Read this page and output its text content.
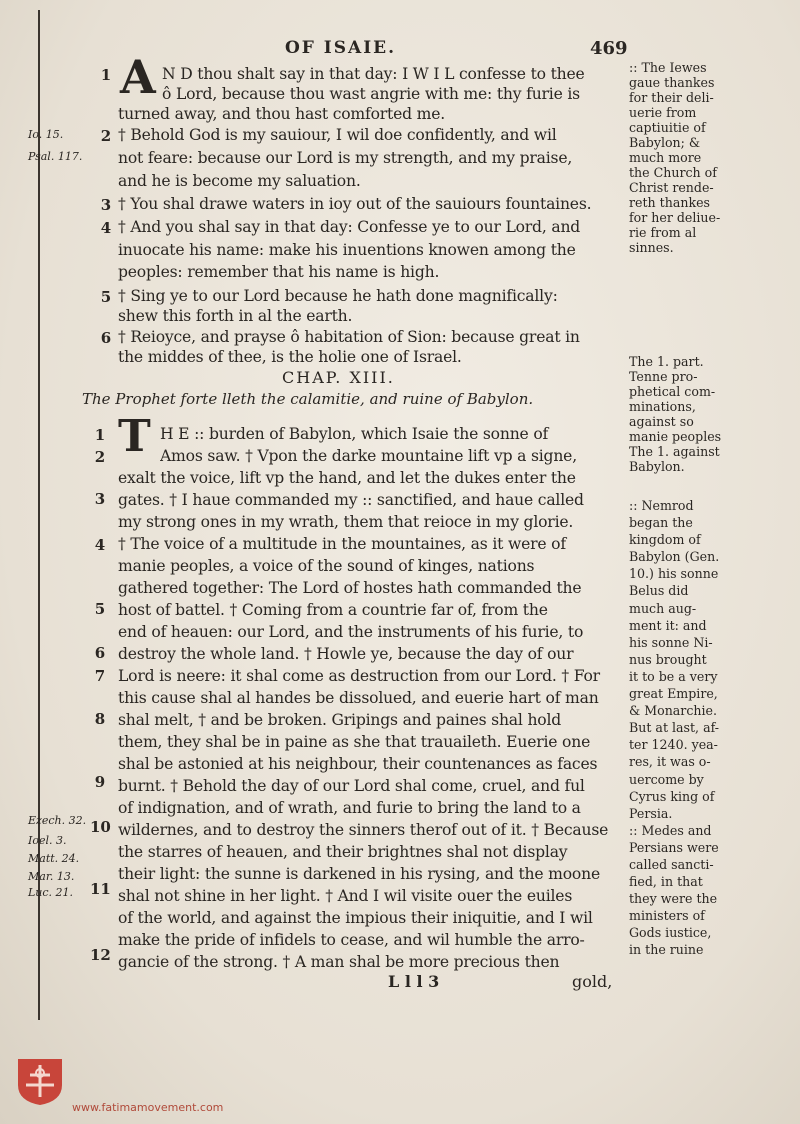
OF ISAIE.	469
A
1	N D thou shalt say in that day: I W I L confesse to thee
ô Lord, because thou wast angrie with me: thy furie is
turned away, and thou hast comforted me.
2 † Behold God is my sauiour, I wil doe confidently, and wil
not feare: because our Lord is my strength, and my praise,
and he is become my saluation.
3 † You shal drawe waters in ioy out of the sauiours fountaines.
4 † And you shal say in that day: Confesse ye to our Lord, and
inuocate his name: make his inuentions knowen among the
peoples: remember that his name is high.
5 † Sing ye to our Lord because he hath done magnifically:
shew this forth in al the earth.
6 † Reioyce, and prayse ô habitation of Sion: because great in
the middes of thee, is the holie one of Israel.
CHAP. XIII.
The Prophet forte lleth the calamitie, and ruine of Babylon.
T
1
2
3
4
5
6
7
8
9
10
11
12
H E :: burden of Babylon, which Isaie the sonne of
Amos saw. † Vpon the darke mountaine lift vp a signe,
exalt the voice, lift vp the hand, and let the dukes enter the
gates. † I haue commanded my :: sanctified, and haue called
my strong ones in my wrath, them that reioce in my glorie.
† The voice of a multitude in the mountaines, as it were of
manie peoples, a voice of the sound of kinges, nations
gathered together: The Lord of hostes hath commanded the
host of battel. † Coming from a countrie far of, from the
end of heauen: our Lord, and the instruments of his furie, to
destroy the whole land. † Howle ye, because the day of our
Lord is neere: it shal come as destruction from our Lord. † For
this cause shal al handes be dissolued, and euerie hart of man
shal melt, † and be broken. Gripings and paines shal hold
them, they shal be in paine as she that trauaileth. Euerie one
shal be astonied at his neighbour, their countenances as faces
burnt. † Behold the day of our Lord shal come, cruel, and ful
of indignation, and of wrath, and furie to bring the land to a
wildernes, and to destroy the sinners therof out of it. † Because
the starres of heauen, and their brightnes shal not display
their light: the sunne is darkened in his rysing, and the moone
shal not shine in her light. † And I wil visite ouer the euiles
of the world, and against the impious their iniquitie, and I wil
make the pride of infidels to cease, and wil humble the arro-
gancie of the strong. † A man shal be more precious then
:: The Iewes
gaue thankes
for their deli-
uerie from
captiuitie of
Babylon; &
much more
the Church of
Christ rende-
reth thankes
for her deliue-
rie from al
sinnes.
The 1. part.
Tenne pro-
phetical com-
minations,
against so
manie peoples
The 1. against
Babylon.
:: Nemrod
began the
kingdom of
Babylon (Gen.
10.) his sonne
Belus did
much aug-
ment it: and
his sonne Ni-
nus brought
it to be a very
great Empire,
& Monarchie.
But at last, af-
ter 1240. yea-
res, it was o-
uercome by
Cyrus king of
Persia.
:: Medes and
Persians were
called sancti-
fied, in that
they were the
ministers of
Gods iustice,
in the ruine
Io. 15.
Psal. 117.
Ezech. 32.
Ioel. 3.
Matt. 24.
Mar. 13.
Luc. 21.
L l l 3	gold,
www.fatimamovement.com
